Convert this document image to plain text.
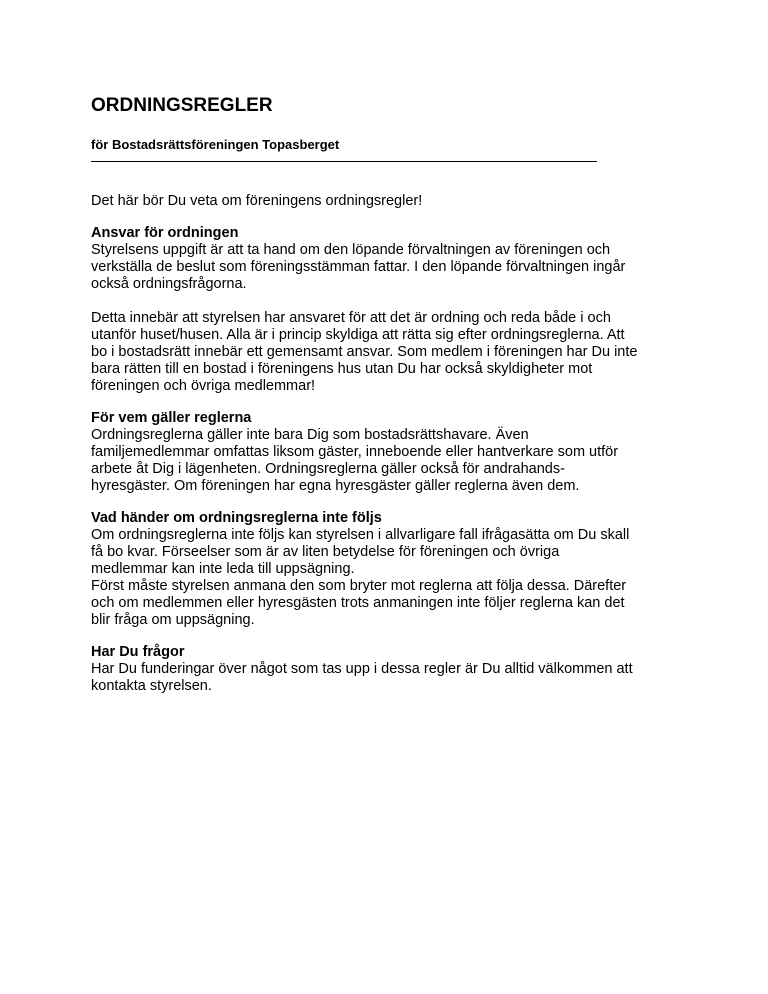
ORDNINGSREGLER
för Bostadsrättsföreningen Topasberget

Det här bör Du veta om föreningens ordningsregler!

Ansvar för ordningen

Styrelsens uppgift är att ta hand om den löpande förvaltningen av föreningen och
verkställa de beslut som föreningsstämman fattar. I den löpande förvaltningen ingår
också ordningsfrågorna.

Detta innebär att styrelsen har ansvaret för att det är ordning och reda både i och
utanför huset/husen. Alla är i princip skyldiga att rätta sig efter ordningsreglerna. Att
bo i bostadsrätt innebär ett gemensamt ansvar. Som medlem i föreningen har Du inte
bara rätten till en bostad i föreningens hus utan Du har också skyldigheter mot
föreningen och övriga medlemmar!

För vem gäller reglerna

Ordningsreglerna gäller inte bara Dig som bostadsrättshavare. Även
familjemedlemmar omfattas liksom gäster, inneboende eller hantverkare som utför
arbete åt Dig i lägenheten. Ordningsreglerna gäller också för andrahands-
hyresgäster. Om föreningen har egna hyresgäster gäller reglerna även dem.

Vad händer om ordningsreglerna inte följs

Om ordningsreglerna inte följs kan styrelsen i allvarligare fall ifrågasätta om Du skall
få bo kvar. Förseelser som är av liten betydelse för föreningen och övriga
medlemmar kan inte leda till uppsägning.
Först måste styrelsen anmana den som bryter mot reglerna att följa dessa. Därefter
och om medlemmen eller hyresgästen trots anmaningen inte följer reglerna kan det
blir fråga om uppsägning.

Har Du frågor

Har Du funderingar över något som tas upp i dessa regler är Du alltid välkommen att
kontakta styrelsen.
